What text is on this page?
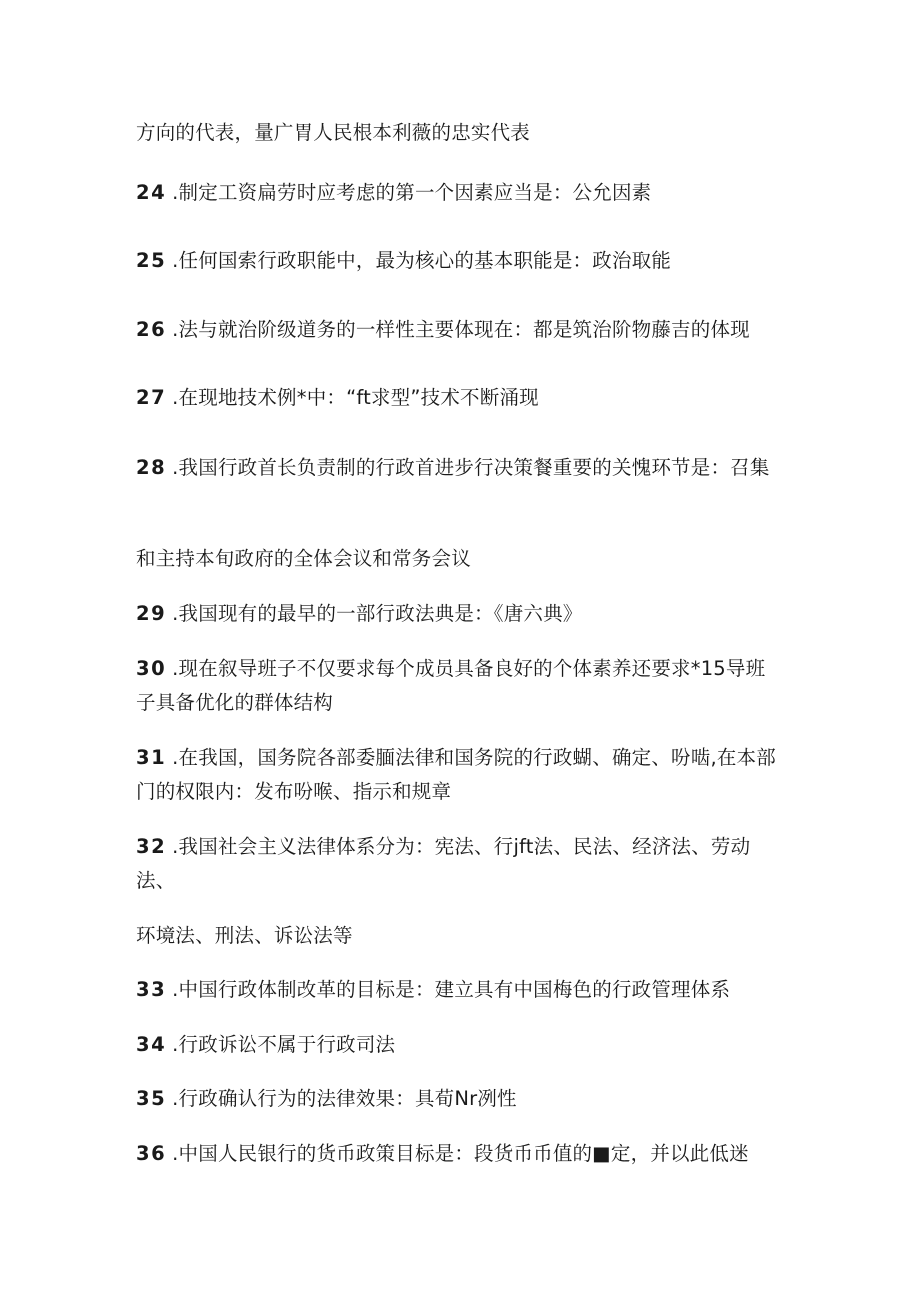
方向的代表，量广胃人民根本利薇的忠实代表
24 .制定工资扁劳时应考虑的第一个因素应当是：公允因素
25 .任何国索行政职能中，最为核心的基本职能是：政治取能
26 .法与就治阶级道务的一样性主要体现在：都是筑治阶物藤吉的体现
27 .在现地技术例*中：“ft求型”技术不断涌现
28 .我国行政首长负责制的行政首进步行决策餐重要的关愧环节是：召集
和主持本旬政府的全体会议和常务会议
29 .我国现有的最早的一部行政法典是：《唐六典》
30 .现在叙导班子不仅要求每个成员具备良好的个体素养还要求*15导班
子具备优化的群体结构
31 .在我国，国务院各部委腼法律和国务院的行政蝴、确定、吩啮,在本部
门的权限内：发布吩喉、指示和规章
32 .我国社会主义法律体系分为：宪法、行jft法、民法、经济法、劳动
法、
环境法、刑法、诉讼法等
33 .中国行政体制改革的目标是：建立具有中国梅色的行政管理体系
34 .行政诉讼不属于行政司法
35 .行政确认行为的法律效果：具荀Nr冽性
36 .中国人民银行的货币政策目标是：段货币币值的■定，并以此低迷
